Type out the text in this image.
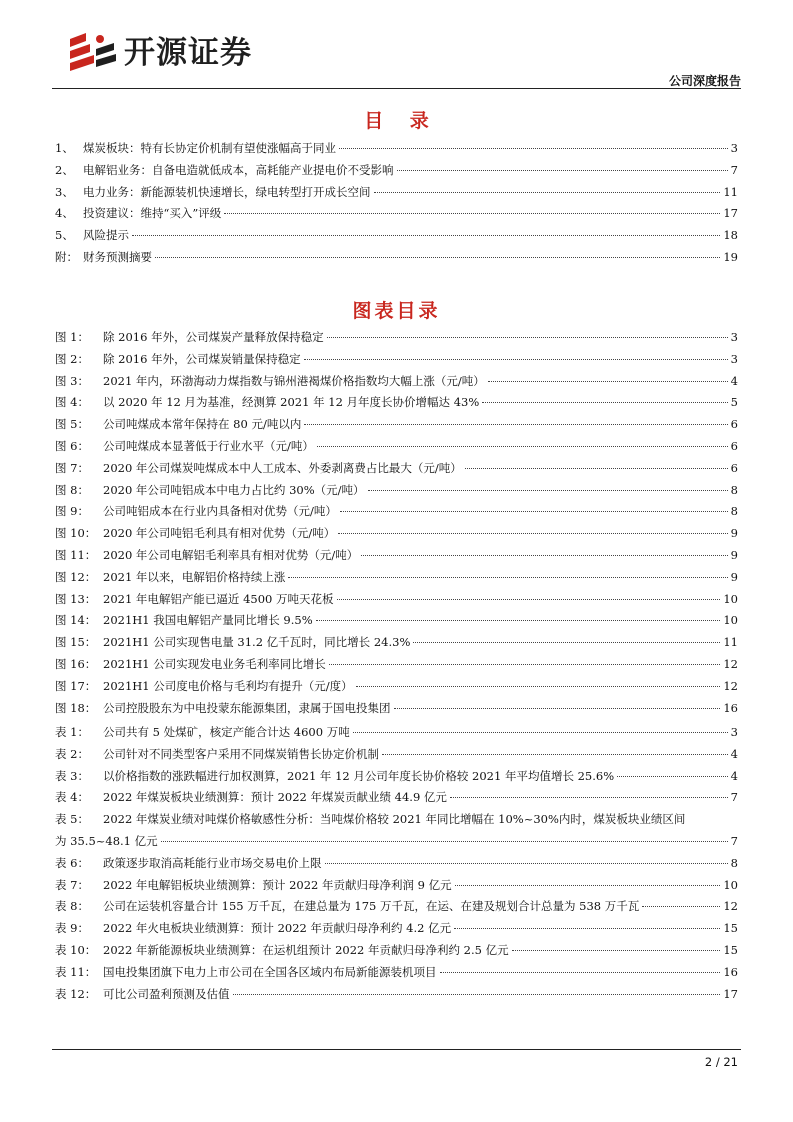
开源证券
公司深度报告
目 录
1、 煤炭板块：特有长协定价机制有望使涨幅高于同业	3
2、 电解铝业务：自备电造就低成本，高耗能产业提电价不受影响	7
3、 电力业务：新能源装机快速增长，绿电转型打开成长空间	11
4、 投资建议：维持“买入”评级	17
5、 风险提示	18
附： 财务预测摘要	19
图表目录
图 1：	除 2016 年外，公司煤炭产量释放保持稳定	3
图 2：	除 2016 年外，公司煤炭销量保持稳定	3
图 3：	2021 年内，环渤海动力煤指数与锦州港褐煤价格指数均大幅上涨（元/吨）	4
图 4：	以 2020 年 12 月为基准，经测算 2021 年 12 月年度长协价增幅达 43%	5
图 5：	公司吨煤成本常年保持在 80 元/吨以内	6
图 6：	公司吨煤成本显著低于行业水平（元/吨）	6
图 7：	2020 年公司煤炭吨煤成本中人工成本、外委剥离费占比最大（元/吨）	6
图 8：	2020 年公司吨铝成本中电力占比约 30%（元/吨）	8
图 9：	公司吨铝成本在行业内具备相对优势（元/吨）	8
图 10： 2020 年公司吨铝毛利具有相对优势（元/吨）	9
图 11： 2020 年公司电解铝毛利率具有相对优势（元/吨）	9
图 12： 2021 年以来，电解铝价格持续上涨	9
图 13： 2021 年电解铝产能已逼近 4500 万吨天花板	10
图 14： 2021H1 我国电解铝产量同比增长 9.5%	10
图 15： 2021H1 公司实现售电量 31.2 亿千瓦时，同比增长 24.3%	11
图 16： 2021H1 公司实现发电业务毛利率同比增长	12
图 17： 2021H1 公司度电价格与毛利均有提升（元/度）	12
图 18： 公司控股股东为中电投蒙东能源集团，隶属于国电投集团	16
表 1：	公司共有 5 处煤矿，核定产能合计达 4600 万吨	3
表 2：	公司针对不同类型客户采用不同煤炭销售长协定价机制	4
表 3：	以价格指数的涨跌幅进行加权测算，2021 年 12 月公司年度长协价格较 2021 年平均值增长 25.6%	4
表 4：	2022 年煤炭板块业绩测算：预计 2022 年煤炭贡献业绩 44.9 亿元	7
表 5： 2022 年煤炭业绩对吨煤价格敏感性分析：当吨煤价格较 2021 年同比增幅在 10%~30%内时，煤炭板块业绩区间
为 35.5~48.1 亿元	7
表 6：	政策逐步取消高耗能行业市场交易电价上限	8
表 7：	2022 年电解铝板块业绩测算：预计 2022 年贡献归母净利润 9 亿元	10
表 8：	公司在运装机容量合计 155 万千瓦，在建总量为 175 万千瓦，在运、在建及规划合计总量为 538 万千瓦	12
表 9：	2022 年火电板块业绩测算：预计 2022 年贡献归母净利约 4.2 亿元	15
表 10： 2022 年新能源板块业绩测算：在运机组预计 2022 年贡献归母净利约 2.5 亿元	15
表 11： 国电投集团旗下电力上市公司在全国各区域内布局新能源装机项目	16
表 12： 可比公司盈利预测及估值	17
2 / 21
